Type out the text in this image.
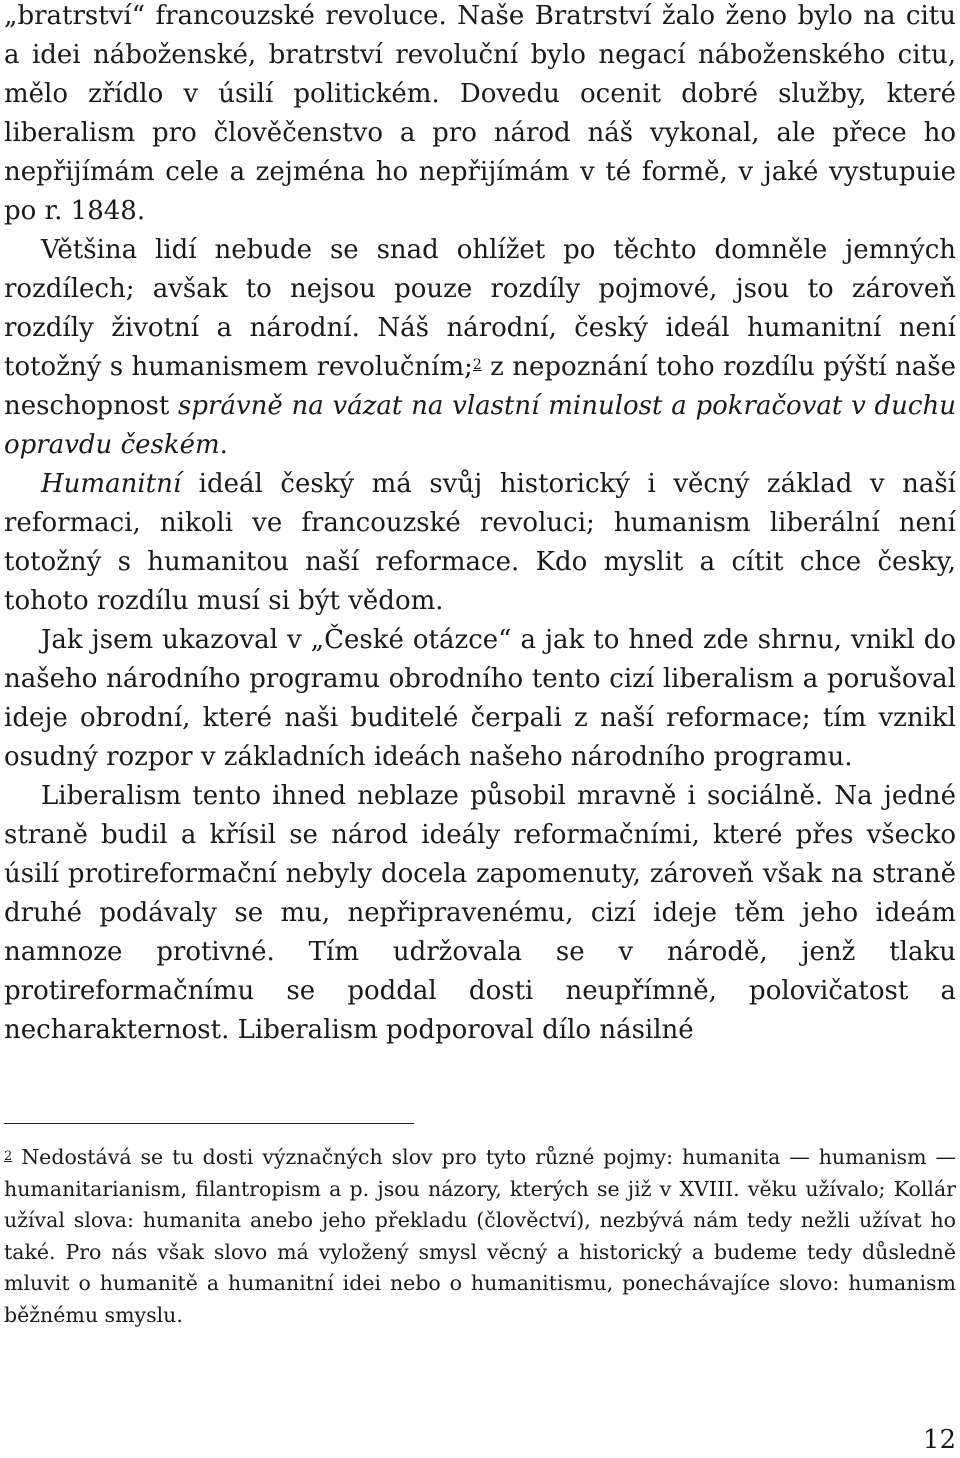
„bratrství“ francouzské revoluce. Naše Bratrství žalo ženo bylo na citu a idei náboženské, bratrství revoluční bylo negací náboženského citu, mělo zřídlo v úsilí politickém. Dovedu ocenit dobré služby, které liberalism pro člověčenstvo a pro národ náš vykonal, ale přece ho nepřijímám cele a zejména ho nepřijímám v té formě, v jaké vystupuie po r. 1848.

Většina lidí nebude se snad ohlížet po těchto domněle jemných rozdílech; avšak to nejsou pouze rozdíly pojmové, jsou to zároveň rozdíly životní a národní. Náš národní, český ideál humanitní není totožný s humanismem revolučním;$^2$ z nepoznání toho rozdílu pýští naše neschopnost správně na vázat na vlastní minulost a pokračovat v duchu opravdu českém.

Humanitní ideál český má svůj historický i věcný základ v naší reformaci, nikoli ve francouzské revoluci; humanism liberální není totožný s humanitou naší reformace. Kdo myslit a cítit chce česky, tohoto rozdílu musí si být vědom.

Jak jsem ukazoval v „České otázce“ a jak to hned zde shrnu, vnikl do našeho národního programu obrodního tento cizí liberalism a porušoval ideje obrodní, které naši buditelé čerpali z naší reformace; tím vznikl osudný rozpor v základních ideách našeho národního programu.

Liberalism tento ihned neblaze působil mravně i sociálně. Na jedné straně budil a křísil se národ ideály reformačními, které přes všecko úsilí protireformační nebyly docela zapomenuty, zároveň však na straně druhé podávaly se mu, nepřipravenému, cizí ideje těm jeho ideám namnoze protivné. Tím udržovala se v národě, jenž tlaku protireformačnímu se poddal dosti neupřímně, polovičatost a necharakternost. Liberalism podporoval dílo násilné

$^2$ Nedostává se tu dosti význačných slov pro tyto různé pojmy: humanita — humanism — humanitarianism, filantropism a p. jsou názory, kterých se již v XVIII. věku užívalo; Kollár užíval slova: humanita anebo jeho překladu (člověctví), nezbývá nám tedy nežli užívat ho také. Pro nás však slovo má vyložený smysl věcný a historický a budeme tedy důsledně mluvit o humanitě a humanitní idei nebo o humanitismu, ponechávajíce slovo: humanism běžnému smyslu.

12
